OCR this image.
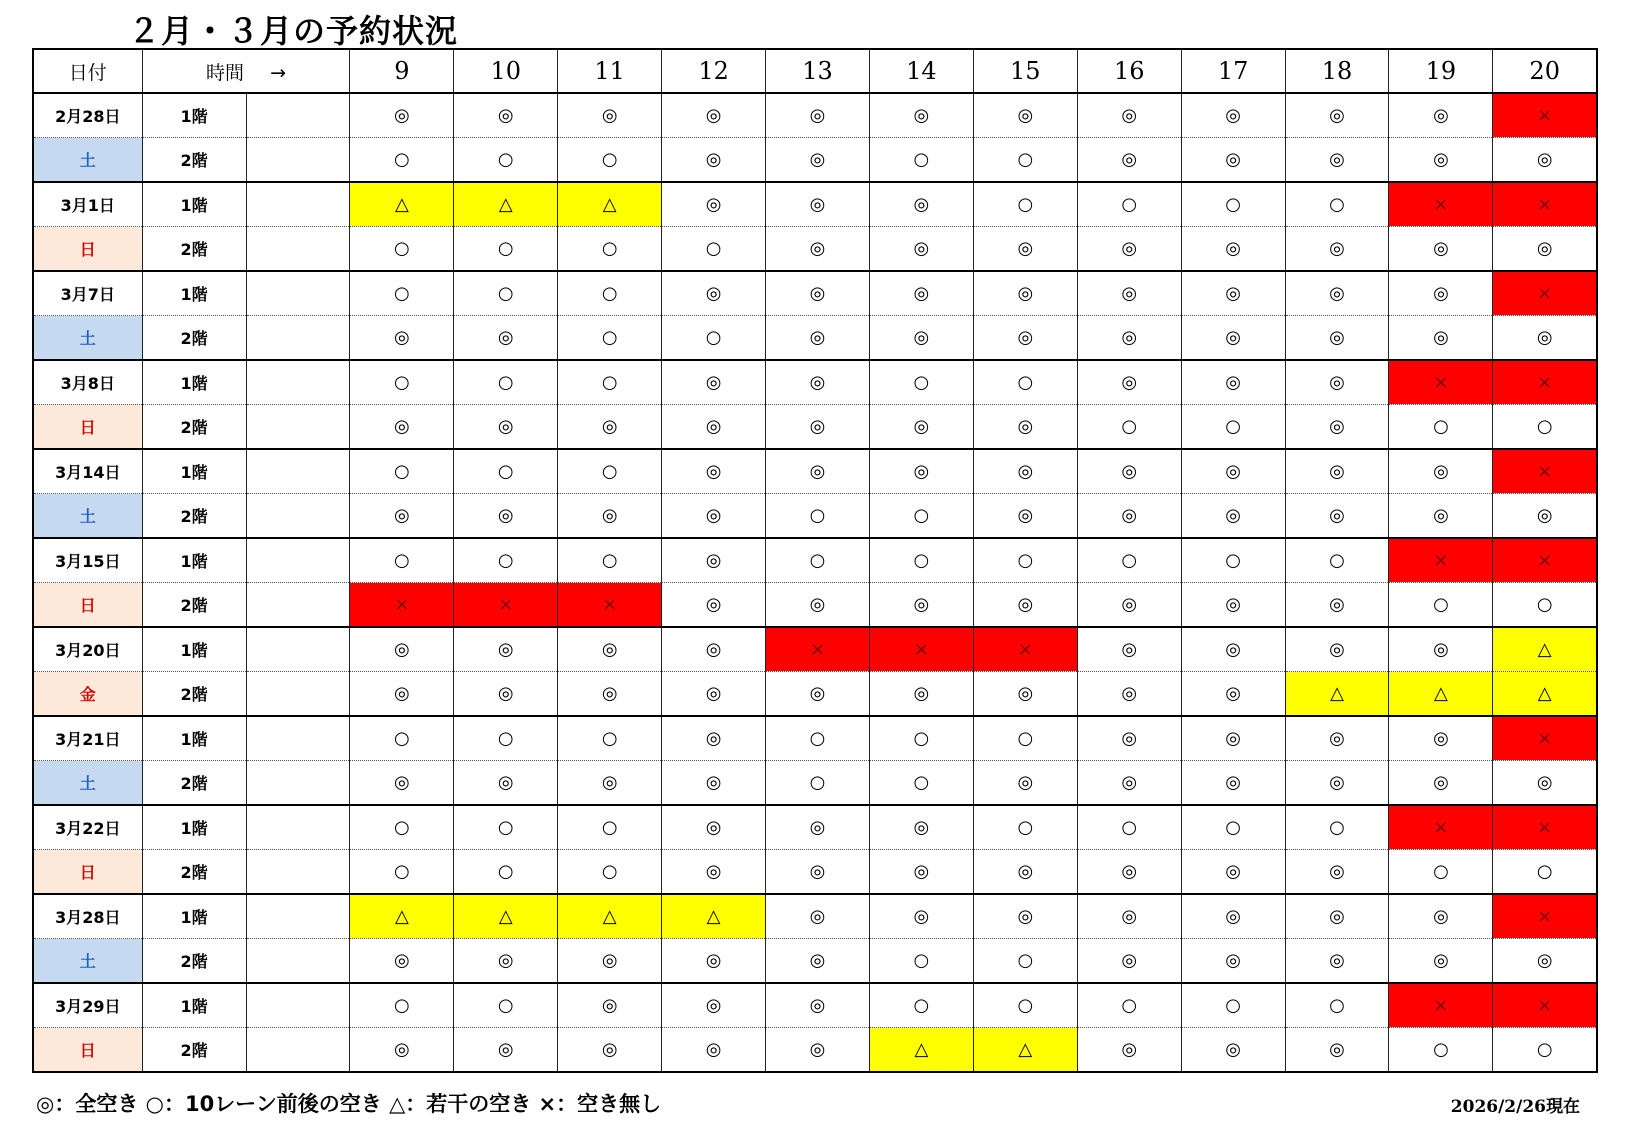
２月・３月の予約状況
日付	時間 →		9	10	11	12	13	14	15	16	17	18	19	20
2月28日	1階		◎	◎	◎	◎	◎	◎	◎	◎	◎	◎	◎	×
土	2階		○	○	○	◎	◎	○	○	◎	◎	◎	◎	◎
3月1日	1階		△	△	△	◎	◎	◎	○	○	○	○	×	×
日	2階		○	○	○	○	◎	◎	◎	◎	◎	◎	◎	◎
3月7日	1階		○	○	○	◎	◎	◎	◎	◎	◎	◎	◎	×
土	2階		◎	◎	○	○	◎	◎	◎	◎	◎	◎	◎	◎
3月8日	1階		○	○	○	◎	◎	○	○	◎	◎	◎	×	×
日	2階		◎	◎	◎	◎	◎	◎	◎	○	○	◎	○	○
3月14日	1階		○	○	○	◎	◎	◎	◎	◎	◎	◎	◎	×
土	2階		◎	◎	◎	◎	○	○	◎	◎	◎	◎	◎	◎
3月15日	1階		○	○	○	◎	○	○	○	○	○	○	×	×
日	2階		×	×	×	◎	◎	◎	◎	◎	◎	◎	○	○
3月20日	1階		◎	◎	◎	◎	×	×	×	◎	◎	◎	◎	△
金	2階		◎	◎	◎	◎	◎	◎	◎	◎	◎	△	△	△
3月21日	1階		○	○	○	◎	○	○	○	◎	◎	◎	◎	×
土	2階		◎	◎	◎	◎	○	○	◎	◎	◎	◎	◎	◎
3月22日	1階		○	○	○	◎	◎	◎	○	○	○	○	×	×
日	2階		○	○	○	◎	◎	◎	◎	◎	◎	◎	○	○
3月28日	1階		△	△	△	△	◎	◎	◎	◎	◎	◎	◎	×
土	2階		◎	◎	◎	◎	◎	○	○	◎	◎	◎	◎	◎
3月29日	1階		○	○	◎	◎	◎	○	○	○	○	○	×	×
日	2階		◎	◎	◎	◎	◎	△	△	◎	◎	◎	○	○
◎：全空き ○：10レーン前後の空き △：若干の空き ×：空き無し	2026/2/26現在
